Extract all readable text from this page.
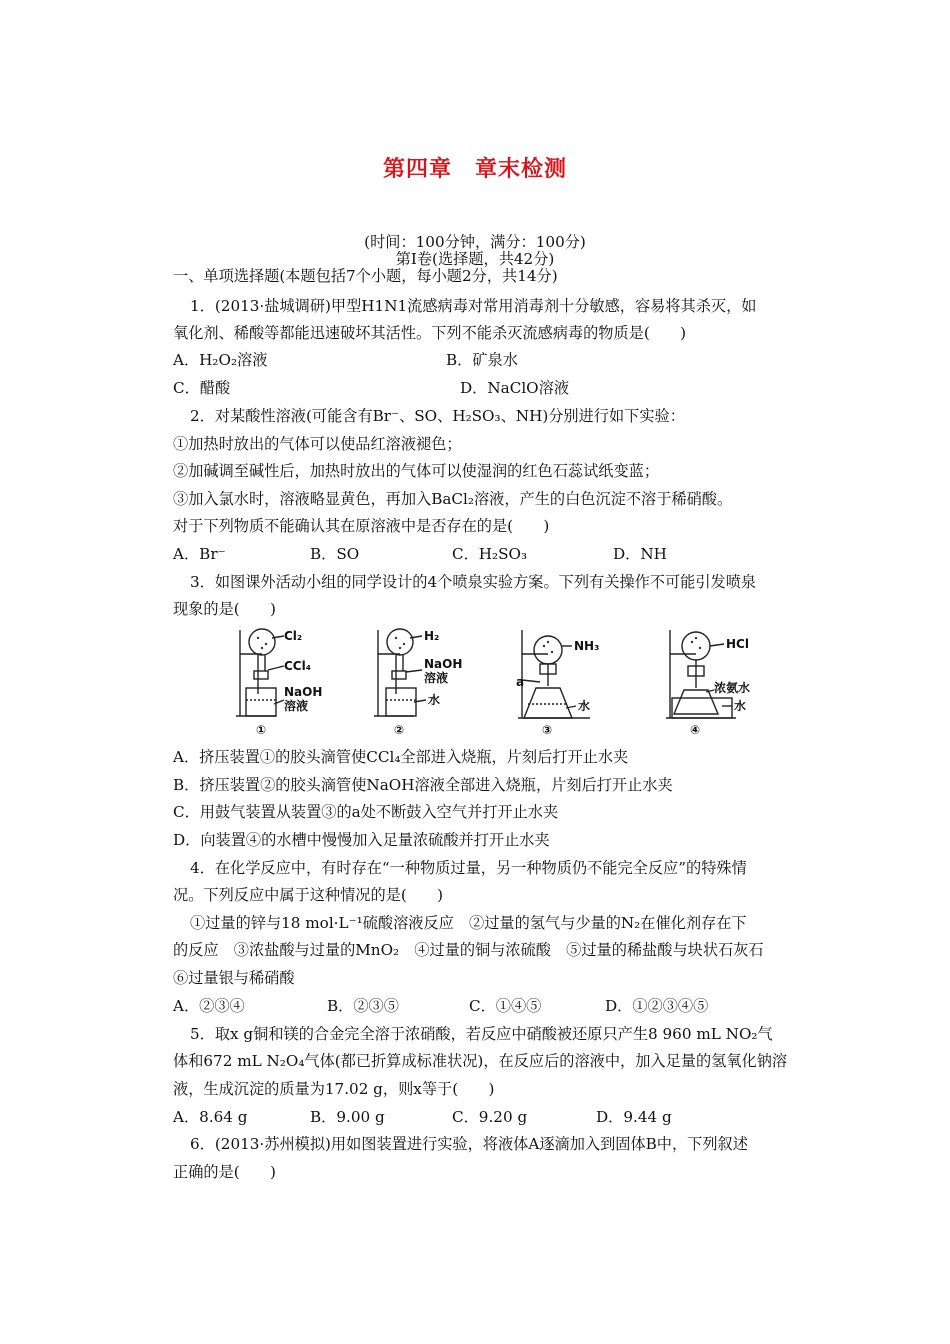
第四章　章末检测
(时间：100分钟，满分：100分)
第Ⅰ卷(选择题，共42分)
一、单项选择题(本题包括7个小题，每小题2分，共14分)
1．(2013·盐城调研)甲型H1N1流感病毒对常用消毒剂十分敏感，容易将其杀灭，如
氧化剂、稀酸等都能迅速破坏其活性。下列不能杀灭流感病毒的物质是(　　)
A．H₂O₂溶液	B．矿泉水
C．醋酸	D．NaClO溶液
2．对某酸性溶液(可能含有Br⁻、SO、H₂SO₃、NH)分别进行如下实验：
①加热时放出的气体可以使品红溶液褪色；
②加碱调至碱性后，加热时放出的气体可以使湿润的红色石蕊试纸变蓝；
③加入氯水时，溶液略显黄色，再加入BaCl₂溶液，产生的白色沉淀不溶于稀硝酸。
对于下列物质不能确认其在原溶液中是否存在的是(　　)
A．Br⁻	B．SO	C．H₂SO₃	D．NH
3．如图课外活动小组的同学设计的4个喷泉实验方案。下列有关操作不可能引发喷泉
现象的是(　　)
Cl₂
CCl₄
NaOH
溶液
①
H₂
NaOH
溶液
水
②
NH₃
a
水
③
HCl
浓氨水
水
④
A．挤压装置①的胶头滴管使CCl₄全部进入烧瓶，片刻后打开止水夹
B．挤压装置②的胶头滴管使NaOH溶液全部进入烧瓶，片刻后打开止水夹
C．用鼓气装置从装置③的a处不断鼓入空气并打开止水夹
D．向装置④的水槽中慢慢加入足量浓硫酸并打开止水夹
4．在化学反应中，有时存在“一种物质过量，另一种物质仍不能完全反应”的特殊情
况。下列反应中属于这种情况的是(　　)
①过量的锌与18 mol·L⁻¹硫酸溶液反应　②过量的氢气与少量的N₂在催化剂存在下
的反应　③浓盐酸与过量的MnO₂　④过量的铜与浓硫酸　⑤过量的稀盐酸与块状石灰石
⑥过量银与稀硝酸
A．②③④	B．②③⑤	C．①④⑤	D．①②③④⑤
5．取x g铜和镁的合金完全溶于浓硝酸，若反应中硝酸被还原只产生8 960 mL NO₂气
体和672 mL N₂O₄气体(都已折算成标准状况)，在反应后的溶液中，加入足量的氢氧化钠溶
液，生成沉淀的质量为17.02 g，则x等于(　　)
A．8.64 g	B．9.00 g	C．9.20 g	D．9.44 g
6．(2013·苏州模拟)用如图装置进行实验，将液体A逐滴加入到固体B中，下列叙述
正确的是(　　)
